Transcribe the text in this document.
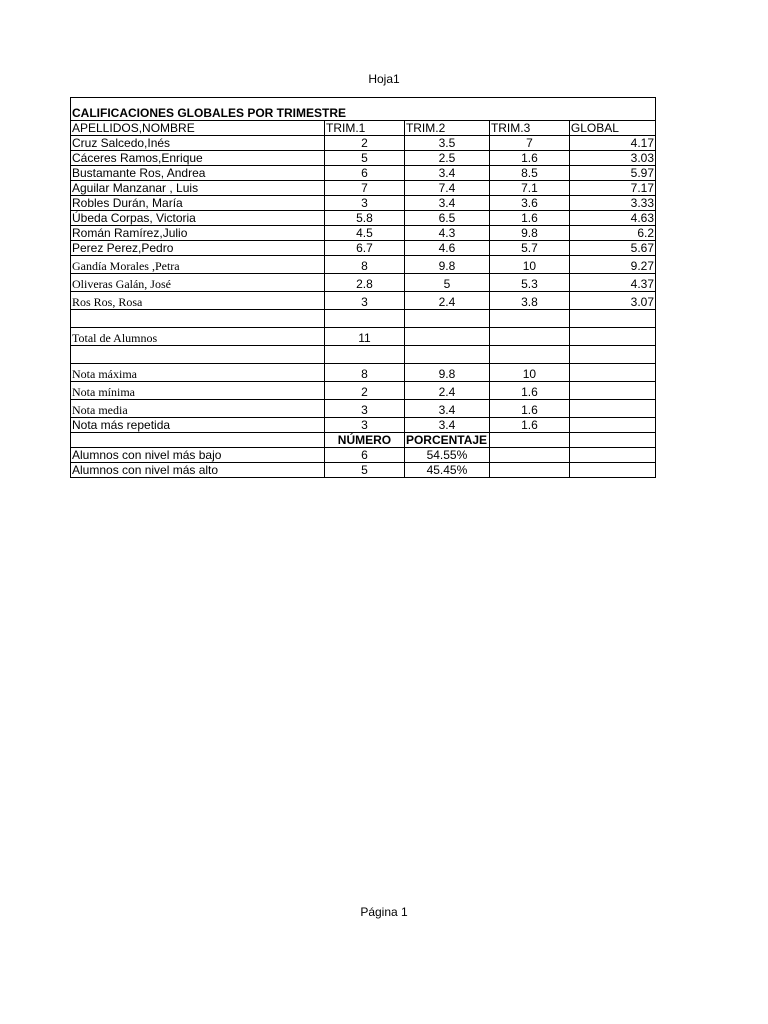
Hoja1
CALIFICACIONES GLOBALES POR TRIMESTRE				
APELLIDOS,NOMBRE	TRIM.1	TRIM.2	TRIM.3	GLOBAL
Cruz Salcedo,Inés	2	3.5	7	4.17
Cáceres Ramos,Enrique	5	2.5	1.6	3.03
Bustamante Ros, Andrea	6	3.4	8.5	5.97
Aguilar Manzanar , Luis	7	7.4	7.1	7.17
Robles Durán, María	3	3.4	3.6	3.33
Úbeda Corpas, Victoria	5.8	6.5	1.6	4.63
Román Ramírez,Julio	4.5	4.3	9.8	6.2
Perez Perez,Pedro	6.7	4.6	5.7	5.67
Gandía Morales ,Petra	8	9.8	10	9.27
Oliveras Galán, José	2.8	5	5.3	4.37
Ros Ros, Rosa	3	2.4	3.8	3.07

Total de Alumnos	11			

Nota máxima	8	9.8	10	
Nota mínima	2	2.4	1.6	
Nota media	3	3.4	1.6	
Nota más repetida	3	3.4	1.6	
	NÚMERO	PORCENTAJE		
Alumnos con nivel más bajo	6	54.55%		
Alumnos con nivel más alto	5	45.45%		
Página 1
